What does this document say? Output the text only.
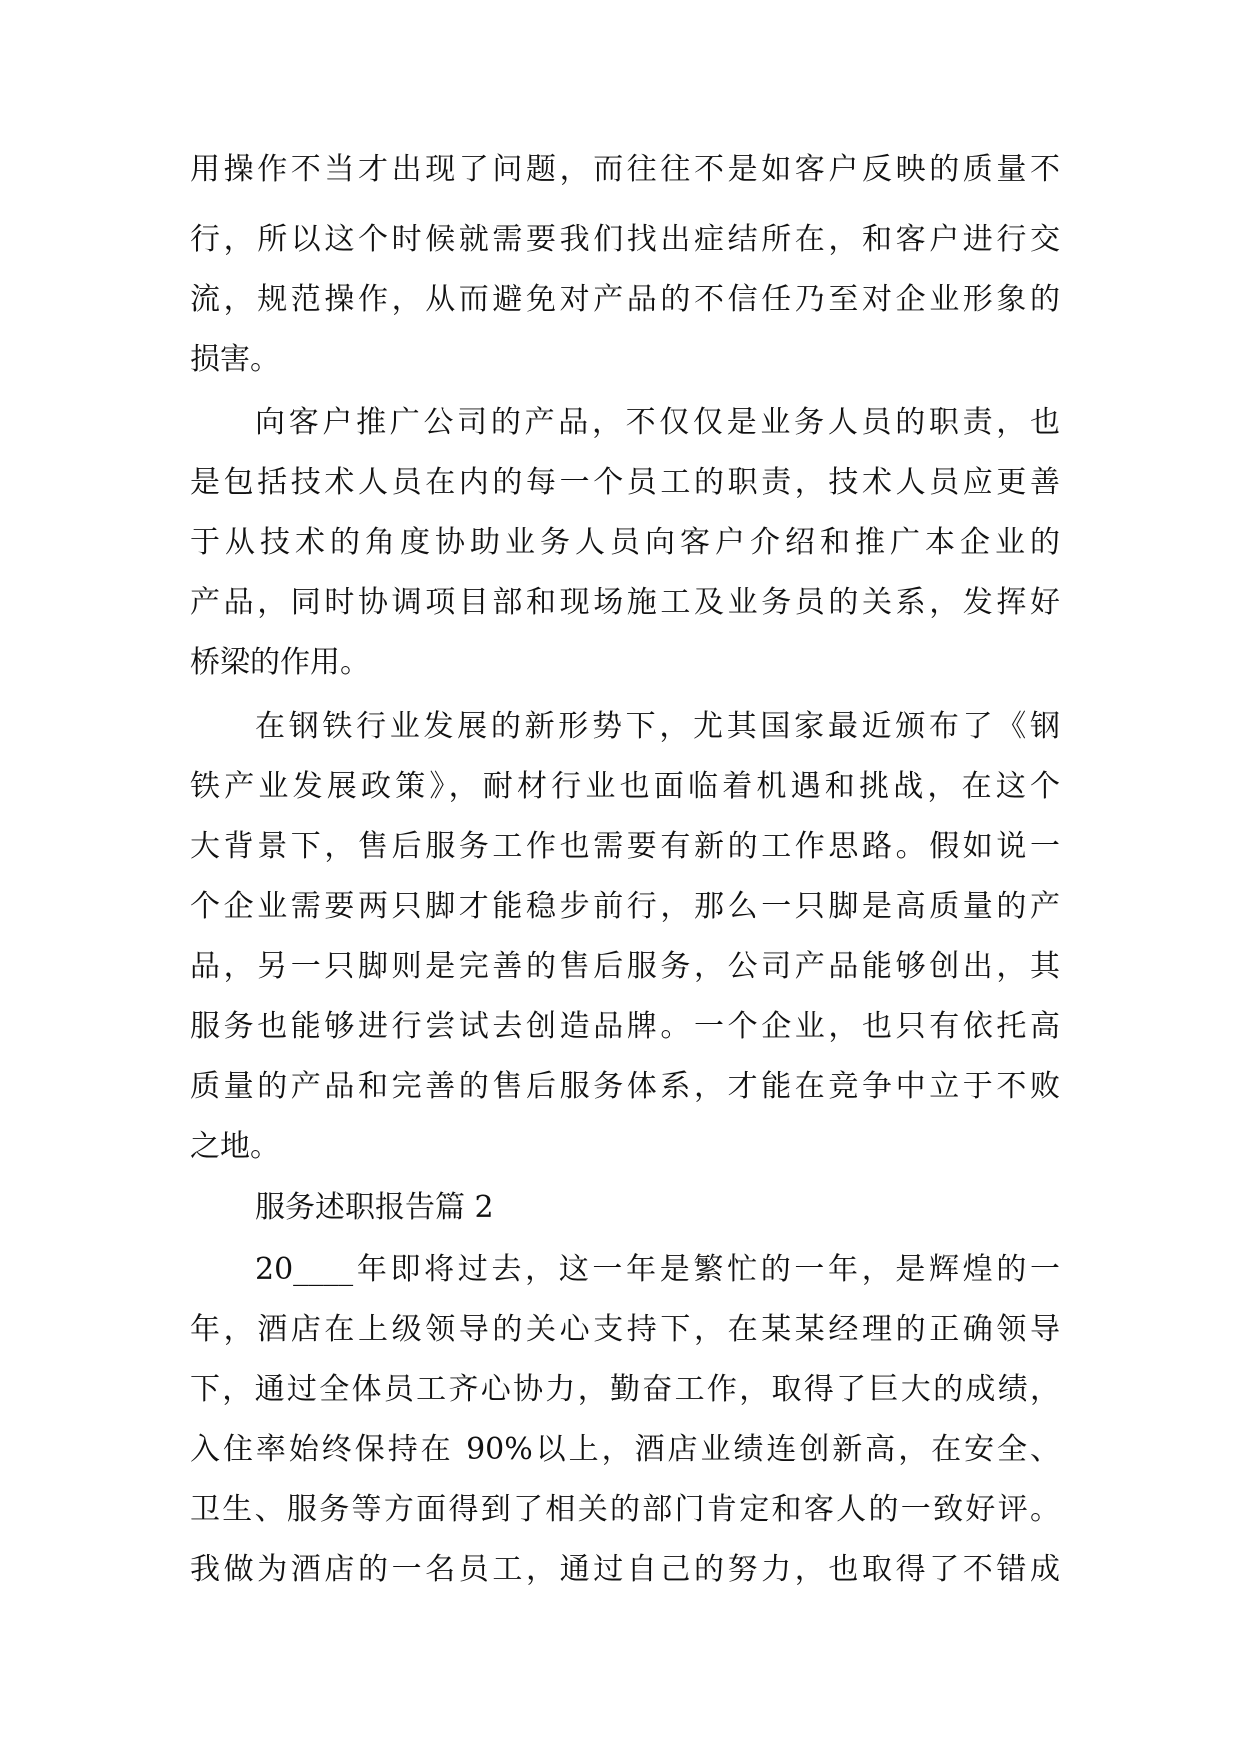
用操作不当才出现了问题，而往往不是如客户反映的质量不
行，所以这个时候就需要我们找出症结所在，和客户进行交
流，规范操作，从而避免对产品的不信任乃至对企业形象的
损害。
向客户推广公司的产品，不仅仅是业务人员的职责，也
是包括技术人员在内的每一个员工的职责，技术人员应更善
于从技术的角度协助业务人员向客户介绍和推广本企业的
产品，同时协调项目部和现场施工及业务员的关系，发挥好
桥梁的作用。
在钢铁行业发展的新形势下，尤其国家最近颁布了《钢
铁产业发展政策》，耐材行业也面临着机遇和挑战，在这个
大背景下，售后服务工作也需要有新的工作思路。假如说一
个企业需要两只脚才能稳步前行，那么一只脚是高质量的产
品，另一只脚则是完善的售后服务，公司产品能够创出，其
服务也能够进行尝试去创造品牌。一个企业，也只有依托高
质量的产品和完善的售后服务体系，才能在竞争中立于不败
之地。
服务述职报告篇 2
20____年即将过去，这一年是繁忙的一年，是辉煌的一
年，酒店在上级领导的关心支持下，在某某经理的正确领导
下，通过全体员工齐心协力，勤奋工作，取得了巨大的成绩，
入住率始终保持在 90%以上，酒店业绩连创新高，在安全、
卫生、服务等方面得到了相关的部门肯定和客人的一致好评。
我做为酒店的一名员工，通过自己的努力，也取得了不错成
